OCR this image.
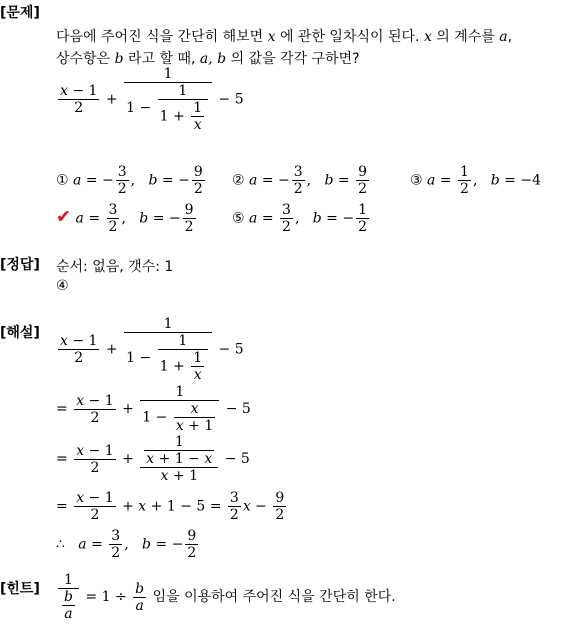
[문제]
[정답]
[해설]
[힌트]
다음에 주어진 식을 간단히 해보면 x 에 관한 일차식이 된다. x 의 계수를 a,
상수항은 b 라고 할 때, a, b 의 값을 각각 구하면?
$\frac{x - 1}{2} + \frac{1}{1 - \frac{1}{1 + \frac{1}{x}}} - 5$
① a = − $\frac{3}{2}$ ,   b = − $\frac{9}{2}$ ② a = − $\frac{3}{2}$ ,   $b = \frac{9}{2}$	③ $a = \frac{1}{2}$ ,   b = −4
✔ $a = \frac{3}{2}$ ,   b = − $\frac{9}{2}$	⑤ $a = \frac{3}{2}$ ,   b = − $\frac{1}{2}$
순서: 없음, 갯수: 1
④
$\frac{x - 1}{2} + \frac{1}{1 - \frac{1}{1 + \frac{1}{x}}} - 5$
= $\frac{x - 1}{2} + \frac{1}{1 - \frac{x}{x + 1}} - 5$
= $\frac{x - 1}{2} + \frac{\frac{1}{x + 1 - x}}{x + 1} - 5$
= $\frac{x - 1}{2} + x + 1 - 5 = \frac{3}{2}$ $x - \frac{9}{2}$
∴ $a = \frac{3}{2}$ ,   b = − $\frac{9}{2}$
$\frac{1}{\frac{b}{a}} = 1 \div \frac{b}{a}$ 임을 이용하여 주어진 식을 간단히 한다.
